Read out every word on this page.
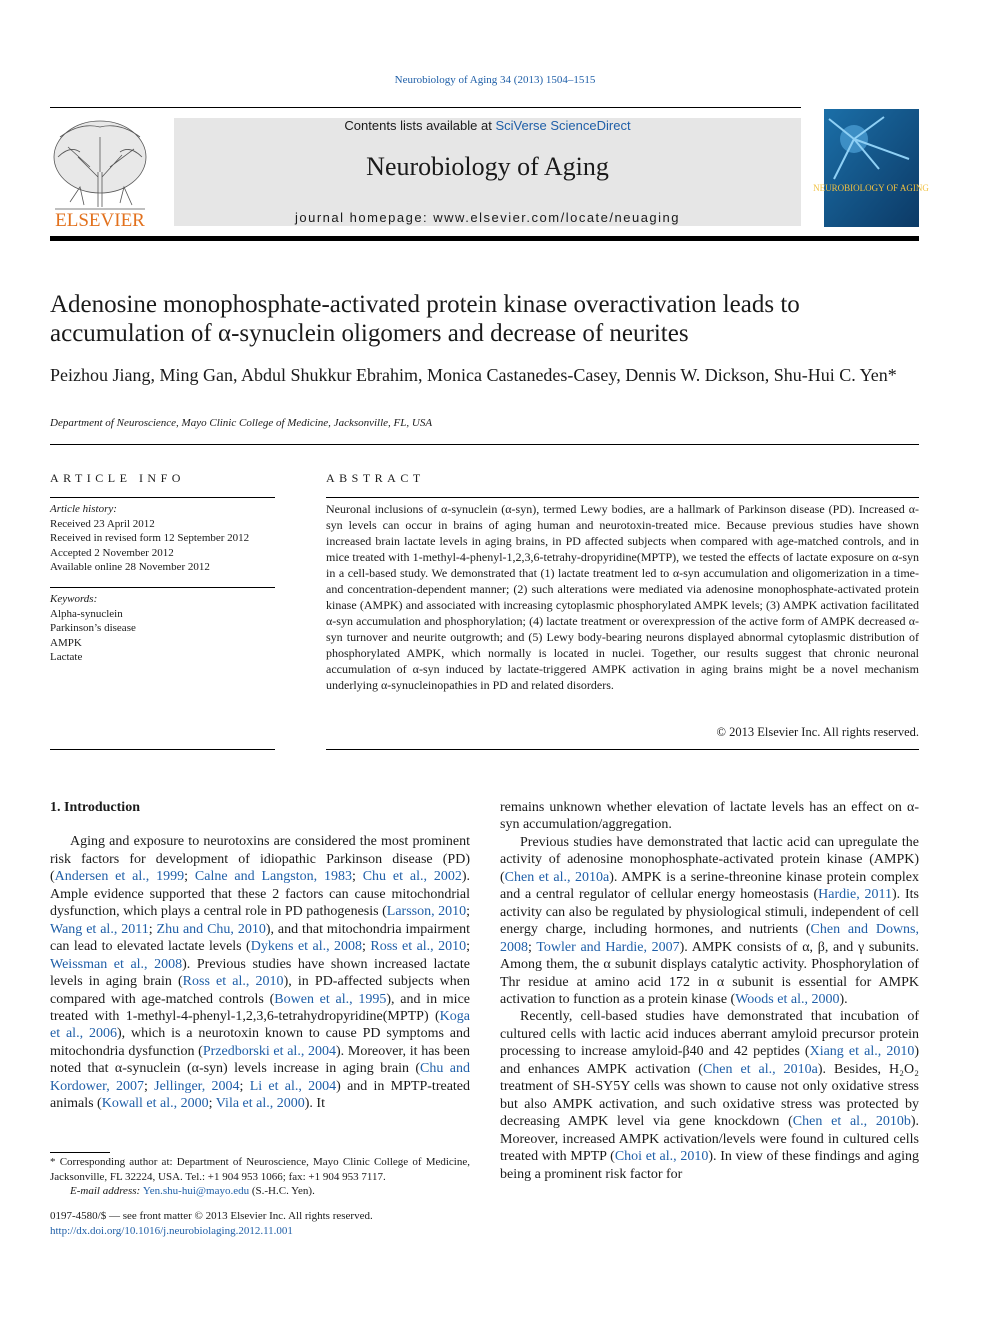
Neurobiology of Aging 34 (2013) 1504–1515
ELSEVIER
Contents lists available at SciVerse ScienceDirect
Neurobiology of Aging
journal homepage: www.elsevier.com/locate/neuaging
NEUROBIOLOGY OF AGING
Adenosine monophosphate-activated protein kinase overactivation leads to accumulation of α-synuclein oligomers and decrease of neurites
Peizhou Jiang, Ming Gan, Abdul Shukkur Ebrahim, Monica Castanedes-Casey, Dennis W. Dickson, Shu-Hui C. Yen*
Department of Neuroscience, Mayo Clinic College of Medicine, Jacksonville, FL, USA
ARTICLE INFO	ABSTRACT
Article history:
Received 23 April 2012
Received in revised form 12 September 2012
Accepted 2 November 2012
Available online 28 November 2012
Keywords:
Alpha-synuclein
Parkinson’s disease
AMPK
Lactate
Neuronal inclusions of α-synuclein (α-syn), termed Lewy bodies, are a hallmark of Parkinson disease (PD). Increased α-syn levels can occur in brains of aging human and neurotoxin-treated mice. Because previous studies have shown increased brain lactate levels in aging brains, in PD affected subjects when compared with age-matched controls, and in mice treated with 1-methyl-4-phenyl-1,2,3,6-tetrahy-dropyridine(MPTP), we tested the effects of lactate exposure on α-syn in a cell-based study. We demonstrated that (1) lactate treatment led to α-syn accumulation and oligomerization in a time- and concentration-dependent manner; (2) such alterations were mediated via adenosine monophosphate-activated protein kinase (AMPK) and associated with increasing cytoplasmic phosphorylated AMPK levels; (3) AMPK activation facilitated α-syn accumulation and phosphorylation; (4) lactate treatment or overexpression of the active form of AMPK decreased α-syn turnover and neurite outgrowth; and (5) Lewy body-bearing neurons displayed abnormal cytoplasmic distribution of phosphorylated AMPK, which normally is located in nuclei. Together, our results suggest that chronic neuronal accumulation of α-syn induced by lactate-triggered AMPK activation in aging brains might be a novel mechanism underlying α-synucleinopathies in PD and related disorders.
© 2013 Elsevier Inc. All rights reserved.
1. Introduction

Aging and exposure to neurotoxins are considered the most prominent risk factors for development of idiopathic Parkinson disease (PD) (Andersen et al., 1999; Calne and Langston, 1983; Chu et al., 2002). Ample evidence supported that these 2 factors can cause mitochondrial dysfunction, which plays a central role in PD pathogenesis (Larsson, 2010; Wang et al., 2011; Zhu and Chu, 2010), and that mitochondria impairment can lead to elevated lactate levels (Dykens et al., 2008; Ross et al., 2010; Weissman et al., 2008). Previous studies have shown increased lactate levels in aging brain (Ross et al., 2010), in PD-affected subjects when compared with age-matched controls (Bowen et al., 1995), and in mice treated with 1-methyl-4-phenyl-1,2,3,6-tetrahydropyridine(MPTP) (Koga et al., 2006), which is a neurotoxin known to cause PD symptoms and mitochondria dysfunction (Przedborski et al., 2004). Moreover, it has been noted that α-synuclein (α-syn) levels increase in aging brain (Chu and Kordower, 2007; Jellinger, 2004; Li et al., 2004) and in MPTP-treated animals (Kowall et al., 2000; Vila et al., 2000). It

remains unknown whether elevation of lactate levels has an effect on α-syn accumulation/aggregation.

Previous studies have demonstrated that lactic acid can upregulate the activity of adenosine monophosphate-activated protein kinase (AMPK) (Chen et al., 2010a). AMPK is a serine-threonine kinase protein complex and a central regulator of cellular energy homeostasis (Hardie, 2011). Its activity can also be regulated by physiological stimuli, independent of cell energy charge, including hormones, and nutrients (Chen and Downs, 2008; Towler and Hardie, 2007). AMPK consists of α, β, and γ subunits. Among them, the α subunit displays catalytic activity. Phosphorylation of Thr residue at amino acid 172 in α subunit is essential for AMPK activation to function as a protein kinase (Woods et al., 2000).

Recently, cell-based studies have demonstrated that incubation of cultured cells with lactic acid induces aberrant amyloid precursor protein processing to increase amyloid-β40 and 42 peptides (Xiang et al., 2010) and enhances AMPK activation (Chen et al., 2010a). Besides, H₂O₂ treatment of SH-SY5Y cells was shown to cause not only oxidative stress but also AMPK activation, and such oxidative stress was protected by decreasing AMPK level via gene knockdown (Chen et al., 2010b). Moreover, increased AMPK activation/levels were found in cultured cells treated with MPTP (Choi et al., 2010). In view of these findings and aging being a prominent risk factor for

* Corresponding author at: Department of Neuroscience, Mayo Clinic College of Medicine, Jacksonville, FL 32224, USA. Tel.: +1 904 953 1066; fax: +1 904 953 7117.
E-mail address: Yen.shu-hui@mayo.edu (S.-H.C. Yen).
0197-4580/$ — see front matter © 2013 Elsevier Inc. All rights reserved.
http://dx.doi.org/10.1016/j.neurobiolaging.2012.11.001
